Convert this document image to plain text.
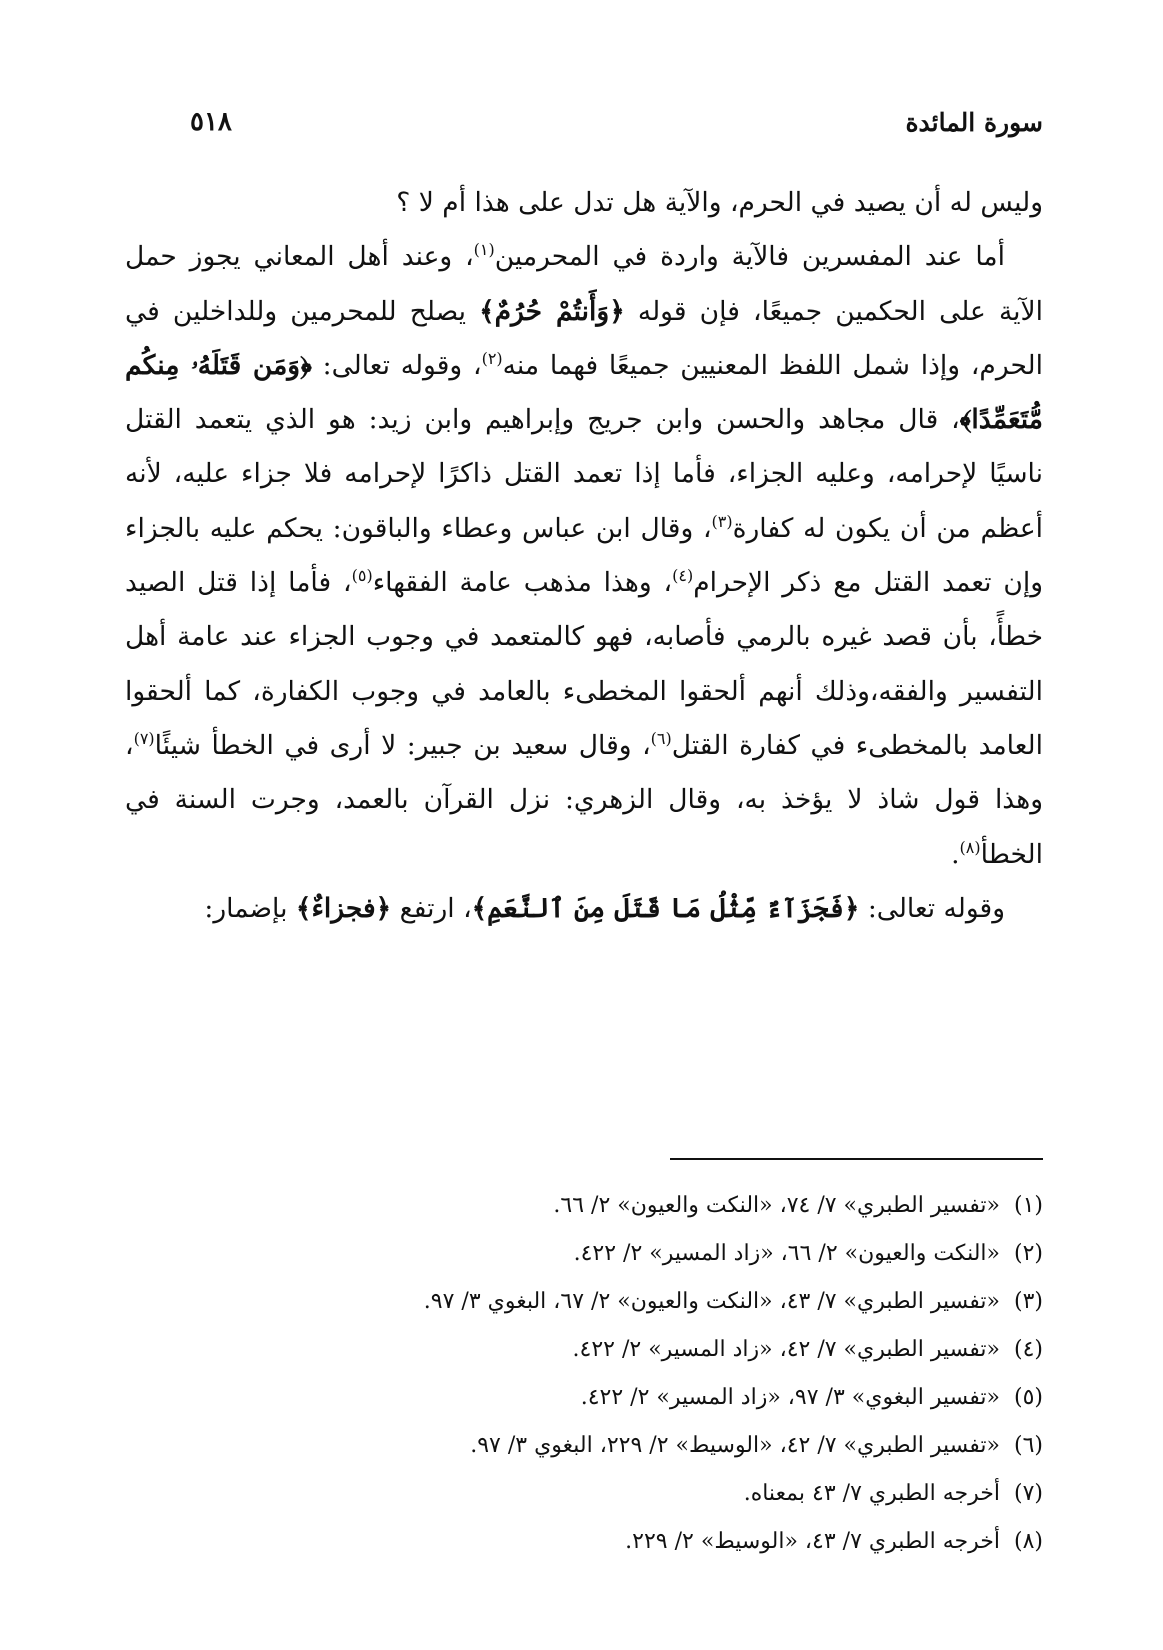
سورة المائدة
٥١٨

وليس له أن يصيد في الحرم، والآية هل تدل على هذا أم لا ؟

أما عند المفسرين فالآية واردة في المحرمين$^{(١)}$، وعند أهل المعاني يجوز حمل الآية على الحكمين جميعًا، فإن قوله ﴿وَأَنتُمْ حُرُمٌ﴾ يصلح للمحرمين وللداخلين في الحرم، وإذا شمل اللفظ المعنيين جميعًا فهما منه$^{(٢)}$، وقوله تعالى: ﴿وَمَن قَتَلَهُۥ مِنكُم مُّتَعَمِّدًا﴾، قال مجاهد والحسن وابن جريج وإبراهيم وابن زيد: هو الذي يتعمد القتل ناسيًا لإحرامه، وعليه الجزاء، فأما إذا تعمد القتل ذاكرًا لإحرامه فلا جزاء عليه، لأنه أعظم من أن يكون له كفارة$^{(٣)}$، وقال ابن عباس وعطاء والباقون: يحكم عليه بالجزاء وإن تعمد القتل مع ذكر الإحرام$^{(٤)}$، وهذا مذهب عامة الفقهاء$^{(٥)}$، فأما إذا قتل الصيد خطأً، بأن قصد غيره بالرمي فأصابه، فهو كالمتعمد في وجوب الجزاء عند عامة أهل التفسير والفقه،وذلك أنهم ألحقوا المخطىء بالعامد في وجوب الكفارة، كما ألحقوا العامد بالمخطىء في كفارة القتل$^{(٦)}$، وقال سعيد بن جبير: لا أرى في الخطأ شيئًا$^{(٧)}$، وهذا قول شاذ لا يؤخذ به، وقال الزهري: نزل القرآن بالعمد، وجرت السنة في الخطأ$^{(٨)}$.

وقوله تعالى: ﴿فَجَزَآءٌ مِّثْلُ مَا قَتَلَ مِنَ ٱلنَّعَمِ﴾، ارتفع ﴿فجزاءٌ﴾ بإضمار:

(١)
«تفسير الطبري» ٧/ ٧٤، «النكت والعيون» ٢/ ٦٦.
(٢)
«النكت والعيون» ٢/ ٦٦، «زاد المسير» ٢/ ٤٢٢.
(٣)
«تفسير الطبري» ٧/ ٤٣، «النكت والعيون» ٢/ ٦٧، البغوي ٣/ ٩٧.
(٤)
«تفسير الطبري» ٧/ ٤٢، «زاد المسير» ٢/ ٤٢٢.
(٥)
«تفسير البغوي» ٣/ ٩٧، «زاد المسير» ٢/ ٤٢٢.
(٦)
«تفسير الطبري» ٧/ ٤٢، «الوسيط» ٢/ ٢٢٩، البغوي ٣/ ٩٧.
(٧)
أخرجه الطبري ٧/ ٤٣ بمعناه.
(٨)
أخرجه الطبري ٧/ ٤٣، «الوسيط» ٢/ ٢٢٩.
